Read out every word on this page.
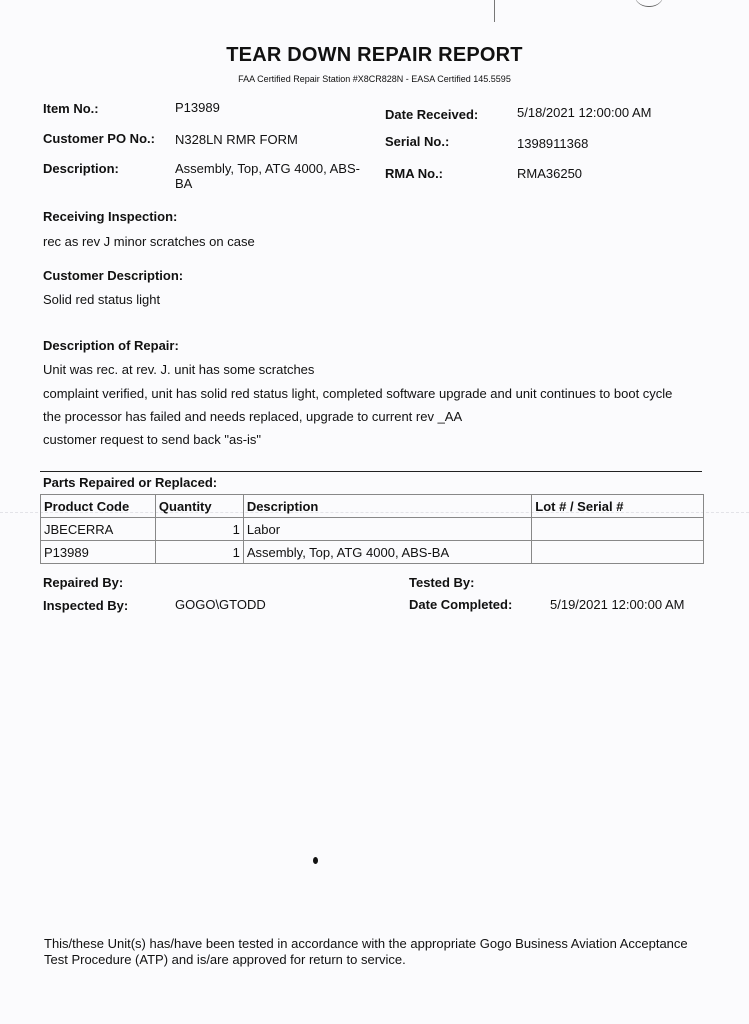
TEAR DOWN REPAIR REPORT
FAA Certified Repair Station #X8CR828N - EASA Certified 145.5595
Item No.:	P13989
Customer PO No.: N328LN RMR FORM
Description:	Assembly, Top, ATG 4000, ABS-BA
Date Received:	5/18/2021 12:00:00 AM
Serial No.:	1398911368
RMA No.:	RMA36250
Receiving Inspection:
rec as rev J minor scratches on case
Customer Description:
Solid red status light
Description of Repair:
Unit was rec. at rev. J. unit has some scratches
complaint verified, unit has solid red status light, completed software upgrade and unit continues to boot cycle
the processor has failed and needs replaced, upgrade to current rev _AA
customer request to send back "as-is"
Parts Repaired or Replaced:
Product Code	Quantity	Description	Lot # / Serial #
JBECERRA	1	Labor	
P13989	1	Assembly, Top, ATG 4000, ABS-BA	
Repaired By:
Inspected By:	GOGO\GTODD
Tested By:
Date Completed:	5/19/2021 12:00:00 AM
This/these Unit(s) has/have been tested in accordance with the appropriate Gogo Business Aviation Acceptance Test Procedure (ATP) and is/are approved for return to service.
